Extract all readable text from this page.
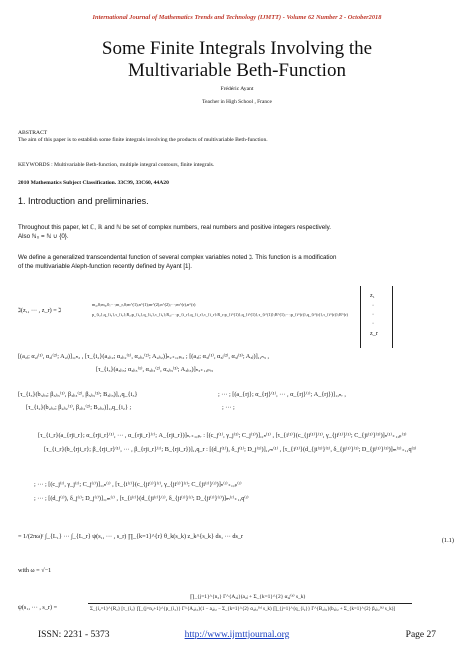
International Journal of Mathematics Trends and Technology (IJMTT) - Volume 62 Number 2 - October2018
Some Finite Integrals Involving the
Multivariable Beth-Function
Frédéric Ayant
Teacher in High School , France
ABSTRACT
The aim of this paper is to establish some finite integrals involving the products of multivariable Beth-function.
KEYWORDS : Multivariable Beth-function, multiple integral contours, finite integrals.
2010 Mathematics Subject Classification. 33C99, 33C60, 44A20
1. Introduction and preliminaries.
Throughout this paper, let ℂ, ℝ and ℕ be set of complex numbers, real numbers and positive integers respectively.
Also ℕ₀ = ℕ ∪ {0}.
We define a generalized transcendental function of several complex variables noted ℷ. This function is a modification
of the multivariable Aleph-function recently defined by Ayant [1].
ℷ(z₁, ··· , z_r) = ℷ
m₂,0;m₃,0;···;m_r,0;m^(1),n^(1);m^(2),n^(2);···;m^(r),n^(r)
p_{i₂},q_{i₂},τ_{i₂};R₂;p_{i₃},q_{i₃},τ_{i₃};R₃;···;p_{i_r},q_{i_r},τ_{i_r}:R_r:p_{i^(1)},q_{i^(1)},τ_{i^(1)};R^(1);···;p_{i^(r)},q_{i^(r)},τ_{i^(r)};R^(r)
z₁
·
·
·
z_r
[(a₂ⱼ; α₂ⱼ⁽¹⁾, α₂ⱼ⁽²⁾; A₂ⱼ)]₁,ₙ₂ , [τ_{i₂}(a₂ⱼᵢ₂; α₂ⱼᵢ₂⁽¹⁾, α₂ⱼᵢ₂⁽²⁾; A₂ⱼᵢ₂)]ₙ₂₊₁,ₚᵢ₂ ; [(a₃ⱼ; α₃ⱼ⁽¹⁾, α₃ⱼ⁽²⁾, α₃ⱼ⁽³⁾; A₃ⱼ)]₁,ₙ₃ ,
[τ_{i₃}(a₃ⱼᵢ₃; α₃ⱼᵢ₃⁽¹⁾, α₃ⱼᵢ₃⁽²⁾, α₃ⱼᵢ₃⁽³⁾; A₃ⱼᵢ₃)]ₙ₃₊₁,ₚᵢ₃
[τ_{i₃}(b₃ⱼᵢ₃; β₃ⱼᵢ₃⁽¹⁾, β₃ⱼᵢ₃⁽²⁾, β₃ⱼᵢ₃⁽³⁾; B₃ⱼᵢ₃)]₁,q_{i₃}	; ··· ; [(a_{rj}; α_{rj}⁽¹⁾, ··· , α_{rj}⁽ʳ⁾; A_{rj})]₁,ₙᵣ ,
[τ_{i₂}(b₂ⱼᵢ₂; β₂ⱼᵢ₂⁽¹⁾, β₂ⱼᵢ₂⁽²⁾; B₂ⱼᵢ₂)]₁,q_{i₂} ;	; ··· ;
[τ_{i_r}(a_{rji_r}; α_{rji_r}⁽¹⁾, ··· , α_{rji_r}⁽ʳ⁾; A_{rji_r})]ₙᵣ₊₁,ₚᵣ : [(c_j⁽¹⁾, γ_j⁽¹⁾; C_j⁽¹⁾)]₁,ₙ⁽¹⁾ , [τ_{i⁽¹⁾}(c_{ji⁽¹⁾}⁽¹⁾, γ_{ji⁽¹⁾}⁽¹⁾; C_{ji⁽¹⁾}⁽¹⁾)]ₙ⁽¹⁾₊₁,ₚ⁽¹⁾
[τ_{i_r}(b_{rji_r}; β_{rji_r}⁽¹⁾, ··· , β_{rji_r}⁽ʳ⁾; B_{rji_r})]₁,q_r : [(d_j⁽¹⁾), δ_j⁽¹⁾; D_j⁽¹⁾)]₁,ₘ⁽¹⁾ , [τ_{i⁽¹⁾}(d_{ji⁽¹⁾}⁽¹⁾, δ_{ji⁽¹⁾}⁽¹⁾; D_{ji⁽¹⁾}⁽¹⁾)]ₘ⁽¹⁾₊₁,q⁽¹⁾
; ··· ; [(c_j⁽ʳ⁾, γ_j⁽ʳ⁾; C_j⁽ʳ⁾)]₁,ₙ⁽ʳ⁾ , [τ_{i⁽ʳ⁾}(c_{ji⁽ʳ⁾}⁽ʳ⁾, γ_{ji⁽ʳ⁾}⁽ʳ⁾; C_{ji⁽ʳ⁾}⁽ʳ⁾)]ₙ⁽ʳ⁾₊₁,ₚ⁽ʳ⁾
; ··· ; [(d_j⁽ʳ⁾), δ_j⁽ʳ⁾; D_j⁽ʳ⁾)]₁,ₘ⁽ʳ⁾ , [τ_{i⁽ʳ⁾}(d_{ji⁽ʳ⁾}⁽ʳ⁾, δ_{ji⁽ʳ⁾}⁽ʳ⁾; D_{ji⁽ʳ⁾}⁽ʳ⁾)]ₘ⁽ʳ⁾₊₁,q⁽ʳ⁾
= 1/(2πω)ʳ ∫_{L₁} ··· ∫_{L_r} ψ(s₁, ··· , s_r) ∏_{k=1}^{r} θ_k(s_k) z_k^{s_k} ds₁ ··· ds_r
(1.1)
with ω = √−1
ψ(s₁, ··· , s_r) =
∏_{j=1}^{n₂} Γ^{A₂ⱼ}(a₂ⱼ + Σ_{k=1}^{2} α₂ⱼ⁽ᵏ⁾ s_k)
Σ_{i₂=1}^{R₂} [τ_{i₂} ∏_{j=n₂+1}^{p_{i₂}} Γ^{A₂ⱼᵢ₂}(1 − a₂ⱼᵢ₂ − Σ_{k=1}^{2} α₂ⱼᵢ₂⁽ᵏ⁾ s_k) ∏_{j=1}^{q_{i₂}} Γ^{B₂ⱼᵢ₂}(b₂ⱼᵢ₂ + Σ_{k=1}^{2} β₂ⱼᵢ₂⁽ᵏ⁾ s_k)]
ISSN: 2231 - 5373	http://www.ijmttjournal.org	Page 27
